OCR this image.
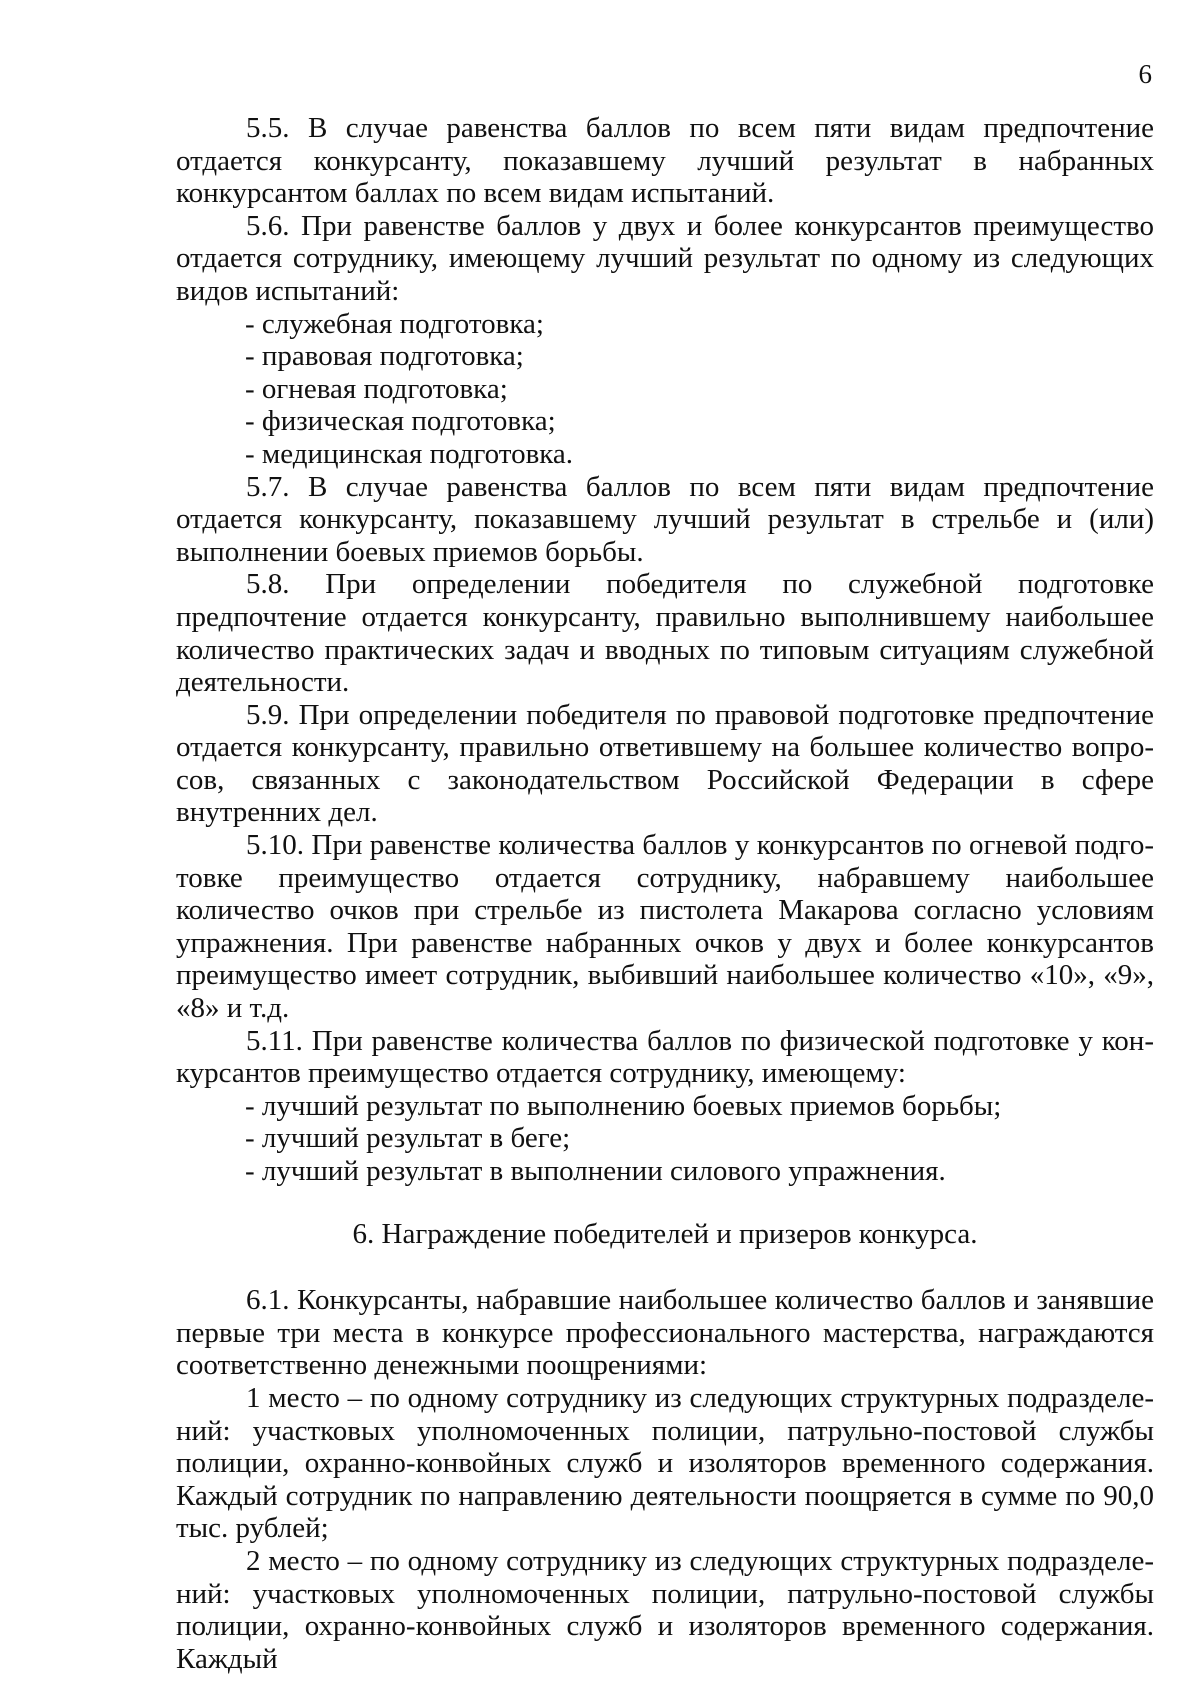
6

5.5. В случае равенства баллов по всем пяти видам предпочтение отдается конкурсанту, показавшему лучший результат в набранных конкурсантом баллах по всем видам испытаний.

5.6. При равенстве баллов у двух и более конкурсантов преимущество отдается сотруднику, имеющему лучший результат по одному из следующих видов испытаний:

- служебная подготовка;

- правовая подготовка;

- огневая подготовка;

- физическая подготовка;

- медицинская подготовка.

5.7. В случае равенства баллов по всем пяти видам предпочтение отдается конкурсанту, показавшему лучший результат в стрельбе и (или) выполнении боевых приемов борьбы.

5.8. При определении победителя по служебной подготовке предпочтение отдается конкурсанту, правильно выполнившему наибольшее количество практических задач и вводных по типовым ситуациям служебной деятельности.

5.9. При определении победителя по правовой подготовке предпочтение отдается конкурсанту, правильно ответившему на большее количество вопросов, связанных с законодательством Российской Федерации в сфере внутренних дел.

5.10. При равенстве количества баллов у конкурсантов по огневой подготовке преимущество отдается сотруднику, набравшему наибольшее количество очков при стрельбе из пистолета Макарова согласно условиям упражнения. При равенстве набранных очков у двух и более конкурсантов преимущество имеет сотрудник, выбивший наибольшее количество «10», «9», «8» и т.д.

5.11. При равенстве количества баллов по физической подготовке у конкурсантов преимущество отдается сотруднику, имеющему:

- лучший результат по выполнению боевых приемов борьбы;

- лучший результат в беге;

- лучший результат в выполнении силового упражнения.

6. Награждение победителей и призеров конкурса.

6.1. Конкурсанты, набравшие наибольшее количество баллов и занявшие первые три места в конкурсе профессионального мастерства, награждаются соответственно денежными поощрениями:

1 место – по одному сотруднику из следующих структурных подразделений: участковых уполномоченных полиции, патрульно-постовой службы полиции, охранно-конвойных служб и изоляторов временного содержания. Каждый сотрудник по направлению деятельности поощряется в сумме по 90,0 тыс. рублей;

2 место – по одному сотруднику из следующих структурных подразделений: участковых уполномоченных полиции, патрульно-постовой службы полиции, охранно-конвойных служб и изоляторов временного содержания. Каждый
